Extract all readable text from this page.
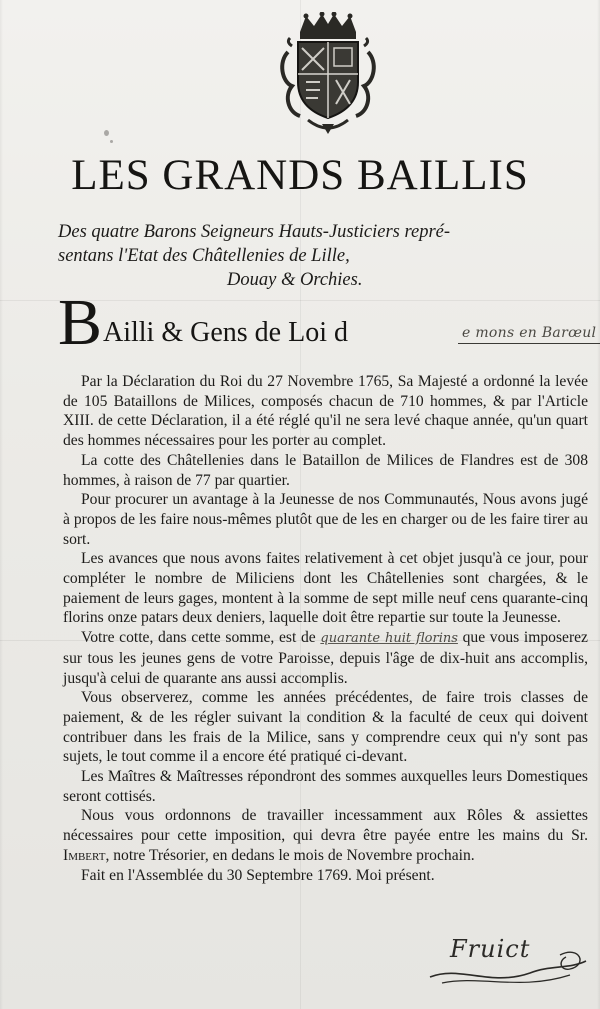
LES GRANDS BAILLIS
Des quatre Barons Seigneurs Hauts-Justiciers repré-
sentans l'Etat des Châtellenies de Lille,
Douay & Orchies.
B Ailli & Gens de Loi d	e mons en Barœul

Par la Déclaration du Roi du 27 Novembre 1765, Sa Majesté a ordonné la levée de 105 Bataillons de Milices, composés chacun de 710 hommes, & par l'Article XIII. de cette Déclaration, il a été réglé qu'il ne sera levé chaque année, qu'un quart des hommes nécessaires pour les porter au complet.

La cotte des Châtellenies dans le Bataillon de Milices de Flandres est de 308 hommes, à raison de 77 par quartier.

Pour procurer un avantage à la Jeunesse de nos Communautés, Nous avons jugé à propos de les faire nous-mêmes plutôt que de les en charger ou de les faire tirer au sort.

Les avances que nous avons faites relativement à cet objet jusqu'à ce jour, pour compléter le nombre de Miliciens dont les Châtellenies sont chargées, & le paiement de leurs gages, montent à la somme de sept mille neuf cens quarante-cinq florins onze patars deux deniers, laquelle doit être repartie sur toute la Jeunesse.

Votre cotte, dans cette somme, est de quarante huit florins que vous imposerez sur tous les jeunes gens de votre Paroisse, depuis l'âge de dix-huit ans accomplis, jusqu'à celui de quarante ans aussi accomplis.

Vous observerez, comme les années précédentes, de faire trois classes de paiement, & de les régler suivant la condition & la faculté de ceux qui doivent contribuer dans les frais de la Milice, sans y comprendre ceux qui n'y sont pas sujets, le tout comme il a encore été pratiqué ci-devant.

Les Maîtres & Maîtresses répondront des sommes auxquelles leurs Domestiques seront cottisés.

Nous vous ordonnons de travailler incessamment aux Rôles & assiettes nécessaires pour cette imposition, qui devra être payée entre les mains du Sr. Imbert, notre Trésorier, en dedans le mois de Novembre prochain.

Fait en l'Assemblée du 30 Septembre 1769. Moi présent.

Fruict
